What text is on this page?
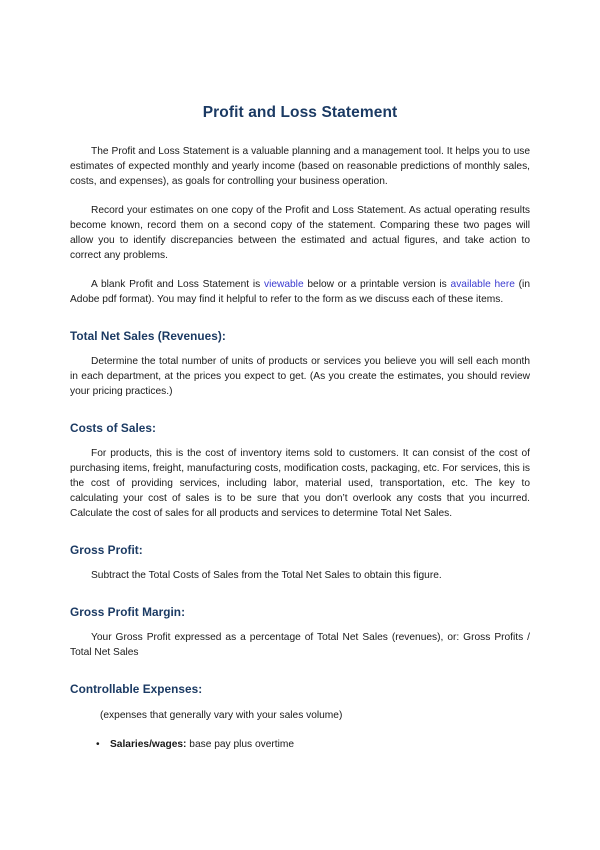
Profit and Loss Statement

The Profit and Loss Statement is a valuable planning and a management tool. It helps you to use estimates of expected monthly and yearly income (based on reasonable predictions of monthly sales, costs, and expenses), as goals for controlling your business operation.

Record your estimates on one copy of the Profit and Loss Statement. As actual operating results become known, record them on a second copy of the statement. Comparing these two pages will allow you to identify discrepancies between the estimated and actual figures, and take action to correct any problems.

A blank Profit and Loss Statement is viewable below or a printable version is available here (in Adobe pdf format). You may find it helpful to refer to the form as we discuss each of these items.

Total Net Sales (Revenues):

Determine the total number of units of products or services you believe you will sell each month in each department, at the prices you expect to get. (As you create the estimates, you should review your pricing practices.)

Costs of Sales:

For products, this is the cost of inventory items sold to customers. It can consist of the cost of purchasing items, freight, manufacturing costs, modification costs, packaging, etc. For services, this is the cost of providing services, including labor, material used, transportation, etc. The key to calculating your cost of sales is to be sure that you don’t overlook any costs that you incurred. Calculate the cost of sales for all products and services to determine Total Net Sales.

Gross Profit:

Subtract the Total Costs of Sales from the Total Net Sales to obtain this figure.

Gross Profit Margin:

Your Gross Profit expressed as a percentage of Total Net Sales (revenues), or: Gross Profits / Total Net Sales

Controllable Expenses:

(expenses that generally vary with your sales volume)

• Salaries/wages: base pay plus overtime
